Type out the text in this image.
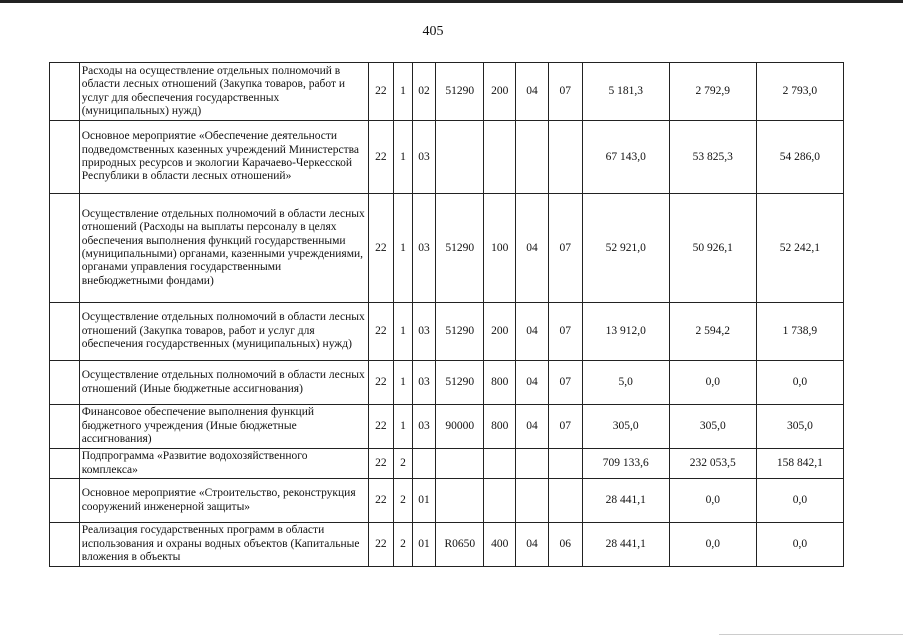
405
	Расходы на осуществление отдельных полномочий в области лесных отношений (Закупка товаров, работ и услуг для обеспечения государственных (муниципальных) нужд)	22	1	02	51290	200	04	07	5 181,3	2 792,9	2 793,0
	Основное мероприятие «Обеспечение деятельности подведомственных казенных учреждений Министерства природных ресурсов и экологии Карачаево-Черкесской Республики в области лесных отношений»	22	1	03					67 143,0	53 825,3	54 286,0
	Осуществление отдельных полномочий в области лесных отношений (Расходы на выплаты персоналу в целях обеспечения выполнения функций государственными (муниципальными) органами, казенными учреждениями, органами управления государственными внебюджетными фондами)	22	1	03	51290	100	04	07	52 921,0	50 926,1	52 242,1
	Осуществление отдельных полномочий в области лесных отношений (Закупка товаров, работ и услуг для обеспечения государственных (муниципальных) нужд)	22	1	03	51290	200	04	07	13 912,0	2 594,2	1 738,9
	Осуществление отдельных полномочий в области лесных отношений (Иные бюджетные ассигнования)	22	1	03	51290	800	04	07	5,0	0,0	0,0
	Финансовое обеспечение выполнения функций бюджетного учреждения (Иные бюджетные ассигнования)	22	1	03	90000	800	04	07	305,0	305,0	305,0
	Подпрограмма «Развитие водохозяйственного комплекса»	22	2						709 133,6	232 053,5	158 842,1
	Основное мероприятие «Строительство, реконструкция сооружений инженерной защиты»	22	2	01					28 441,1	0,0	0,0
	Реализация государственных программ в области использования и охраны водных объектов (Капитальные вложения в объекты	22	2	01	R0650	400	04	06	28 441,1	0,0	0,0
